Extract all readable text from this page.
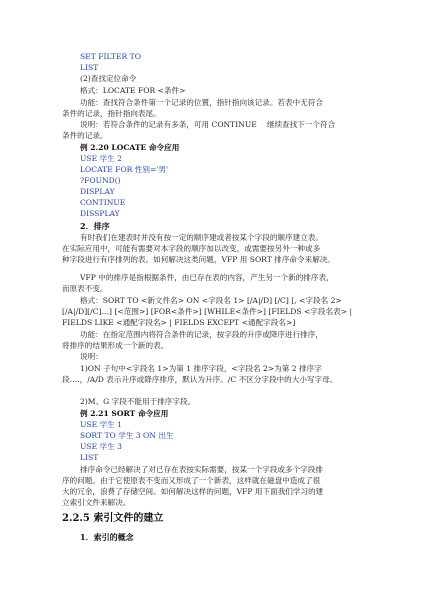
SET FILTER TO
LIST
(2)查找定位命令
格式：LOCATE FOR <条件>
功能：查找符合条件第一个记录的位置，指针指向该记录。若表中无符合
条件的记录，指针指向表尾。
说明：若符合条件的记录有多条，可用 CONTINUE　 继续查找下一个符合
条件的记录。
例 2.20 LOCATE 命令应用
USE 学生 2
LOCATE FOR 性别='男'
?FOUND()
DISPLAY
CONTINUE
DISSPLAY
2．排序
有时我们在建表时并没有按一定的顺序建或者按某个字段的顺序建立表。
在实际应用中，可能有需要对本字段的顺序加以改变，或需要按另外一种或多
种字段进行有序排列的表。如何解决这类问题，VFP 用 SORT 排序命令来解决。
VFP 中的排序是指根据条件，由已存在表的内容，产生另一个新的排序表，
而原表不变。
格式：SORT TO <新文件名> ON <字段名 1> [/A|/D] [/C] [, <字段名 2>
[/A|/D][/C]…] [<范围>] [FOR<条件>] [WHILE<条件>] [FIELDS <字段名表> |
FIELDS LIKE <通配字段名> | FIELDS EXCEPT <通配字段名>]
功能：在指定范围内将符合条件的记录，按字段的升序或降序进行排序，
将排序的结果形成一个新的表。
说明：
1)ON 子句中<字段名 1>为第 1 排序字段，<字段名 2>为第 2 排序字
段….，/A/D 表示升序或降序排序，默认为升序。/C 不区分字段中的大小写字母。
2)M、G 字段不能用于排序字段。
例 2.21 SORT 命令应用
USE 学生 1
SORT TO 学生 3 ON 出生
USE 学生 3
LIST
排序命令已经解决了对已存在表按实际需要，按某一个字段或多个字段排
序的问题。由于它使原表不变而又形成了一个新表，这样就在磁盘中造成了很
大的冗余，浪费了存储空间。如何解决这样的问题，VFP 用下面我们学习的建
立索引文件来解决。
2.2.5 索引文件的建立
1．索引的概念
